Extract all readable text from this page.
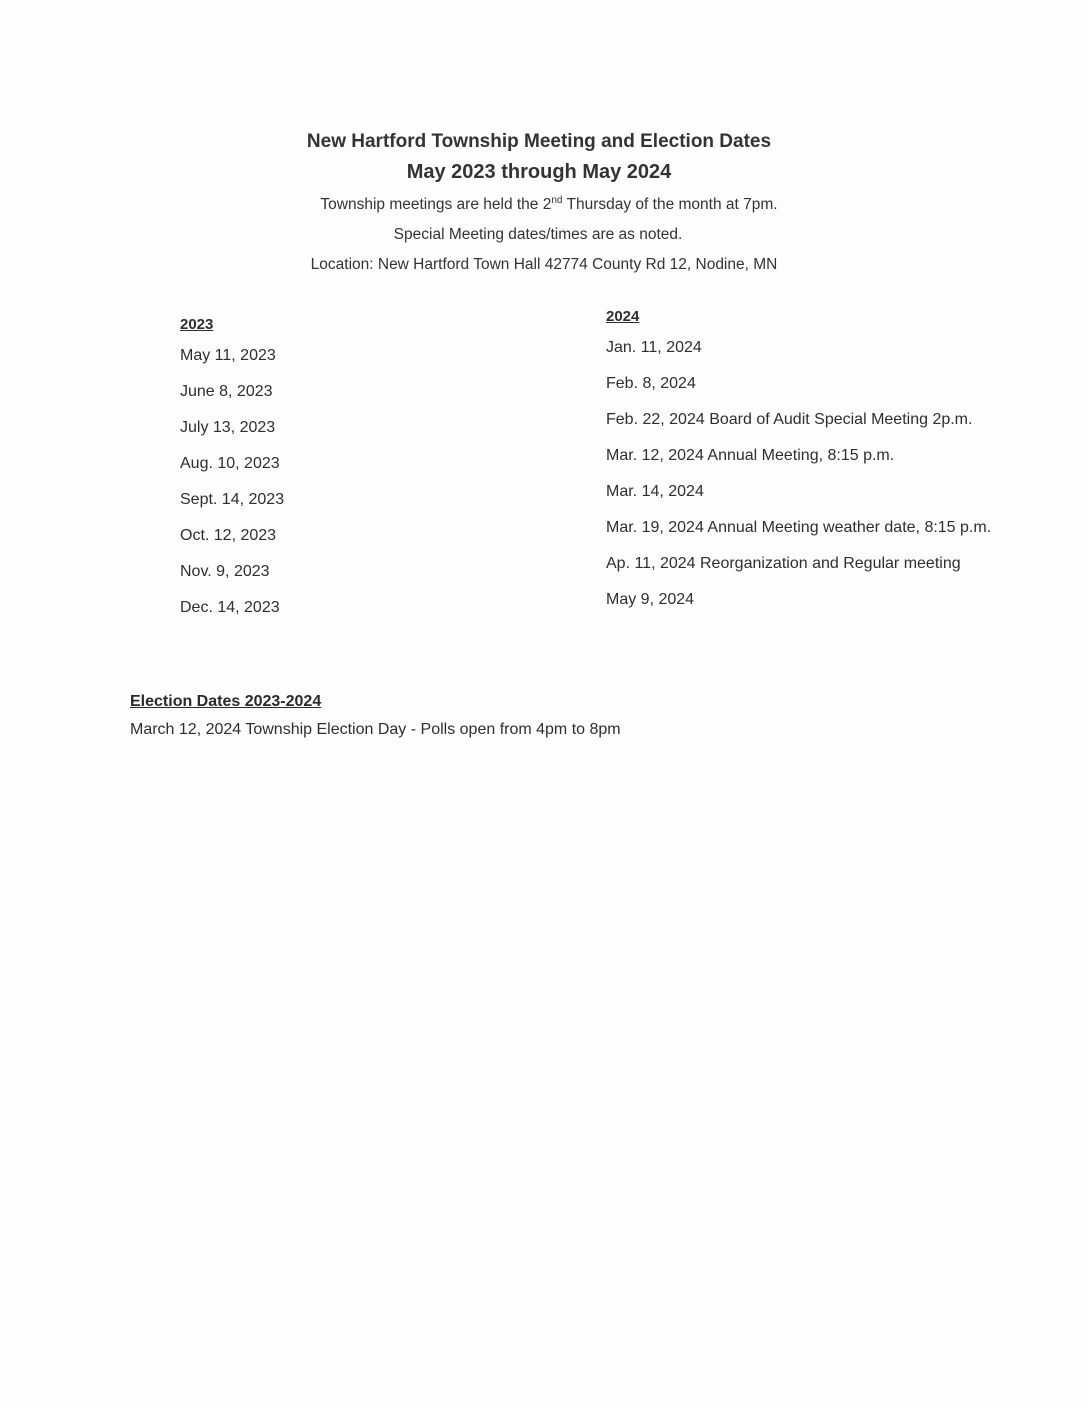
New Hartford Township Meeting and Election Dates
May 2023 through May 2024
Township meetings are held the 2nd Thursday of the month at 7pm.
Special Meeting dates/times are as noted.
Location: New Hartford Town Hall 42774 County Rd 12, Nodine, MN
2023
May 11, 2023
June 8, 2023
July 13, 2023
Aug. 10, 2023
Sept. 14, 2023
Oct. 12, 2023
Nov. 9, 2023
Dec. 14, 2023
2024
Jan. 11, 2024
Feb. 8, 2024
Feb. 22, 2024 Board of Audit Special Meeting 2p.m.
Mar. 12, 2024 Annual Meeting, 8:15 p.m.
Mar. 14, 2024
Mar. 19, 2024 Annual Meeting weather date, 8:15 p.m.
Ap. 11, 2024 Reorganization and Regular meeting
May 9, 2024
Election Dates 2023-2024
March 12, 2024 Township Election Day - Polls open from 4pm to 8pm
